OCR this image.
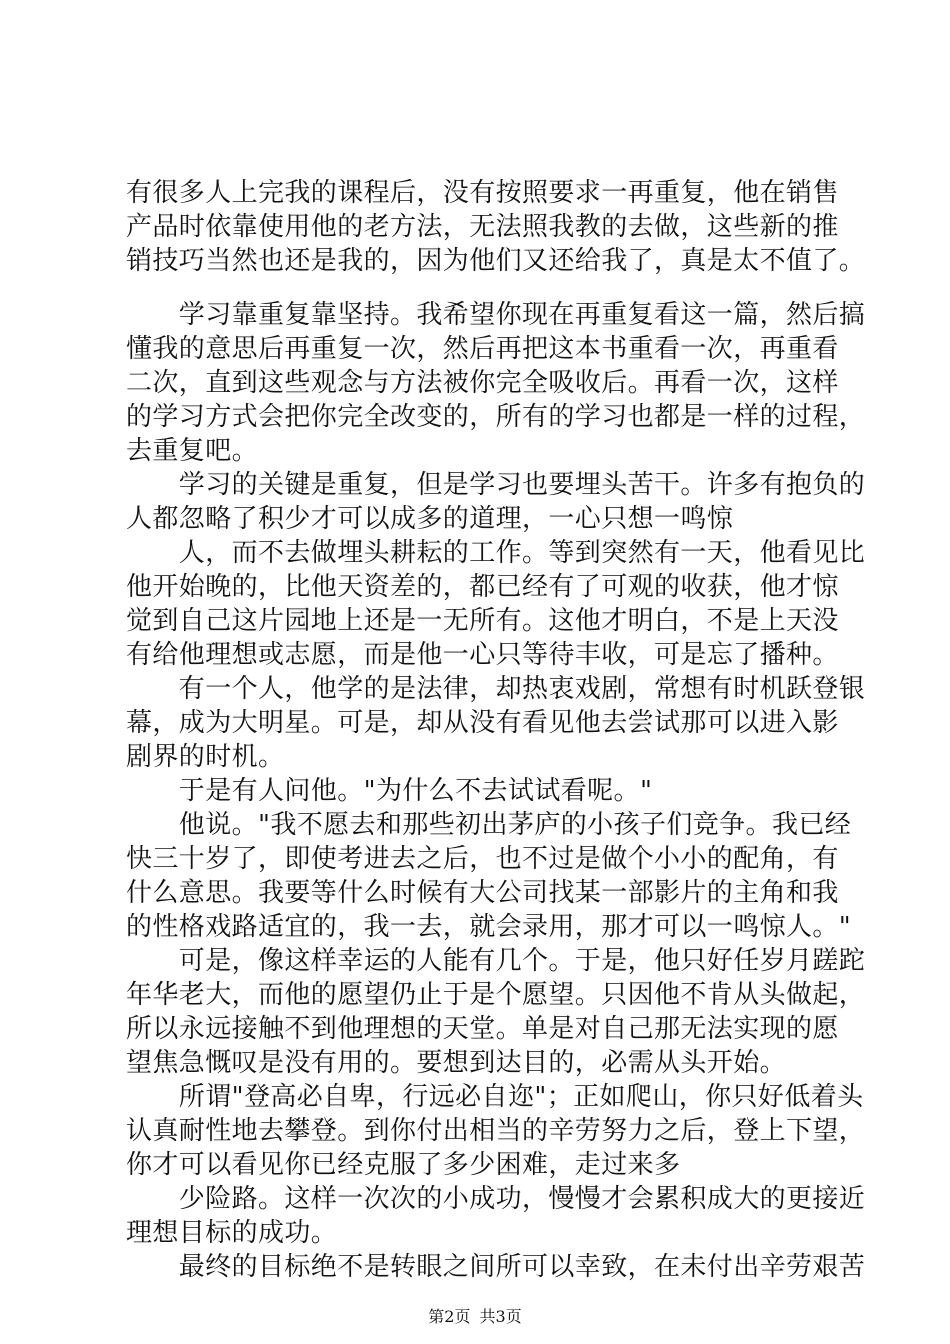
有很多人上完我的课程后，没有按照要求一再重复，他在销售
产品时依靠使用他的老方法，无法照我教的去做，这些新的推
销技巧当然也还是我的，因为他们又还给我了，真是太不值了。
　　学习靠重复靠坚持。我希望你现在再重复看这一篇，然后搞
懂我的意思后再重复一次，然后再把这本书重看一次，再重看
二次，直到这些观念与方法被你完全吸收后。再看一次，这样
的学习方式会把你完全改变的，所有的学习也都是一样的过程，
去重复吧。
　　学习的关键是重复，但是学习也要埋头苦干。许多有抱负的
人都忽略了积少才可以成多的道理，一心只想一鸣惊
　　人，而不去做埋头耕耘的工作。等到突然有一天，他看见比
他开始晚的，比他天资差的，都已经有了可观的收获，他才惊
觉到自己这片园地上还是一无所有。这他才明白，不是上天没
有给他理想或志愿，而是他一心只等待丰收，可是忘了播种。
　　有一个人，他学的是法律，却热衷戏剧，常想有时机跃登银
幕，成为大明星。可是，却从没有看见他去尝试那可以进入影
剧界的时机。
　　于是有人问他。"为什么不去试试看呢。"
　　他说。"我不愿去和那些初出茅庐的小孩子们竞争。我已经
快三十岁了，即使考进去之后，也不过是做个小小的配角，有
什么意思。我要等什么时候有大公司找某一部影片的主角和我
的性格戏路适宜的，我一去，就会录用，那才可以一鸣惊人。"
　　可是，像这样幸运的人能有几个。于是，他只好任岁月蹉跎
年华老大，而他的愿望仍止于是个愿望。只因他不肯从头做起，
所以永远接触不到他理想的天堂。单是对自己那无法实现的愿
望焦急慨叹是没有用的。要想到达目的，必需从头开始。
　　所谓"登高必自卑，行远必自迩"；正如爬山，你只好低着头
认真耐性地去攀登。到你付出相当的辛劳努力之后，登上下望，
你才可以看见你已经克服了多少困难，走过来多
　　少险路。这样一次次的小成功，慢慢才会累积成大的更接近
理想目标的成功。
　　最终的目标绝不是转眼之间所可以幸致，在未付出辛劳艰苦
第2页 共3页
